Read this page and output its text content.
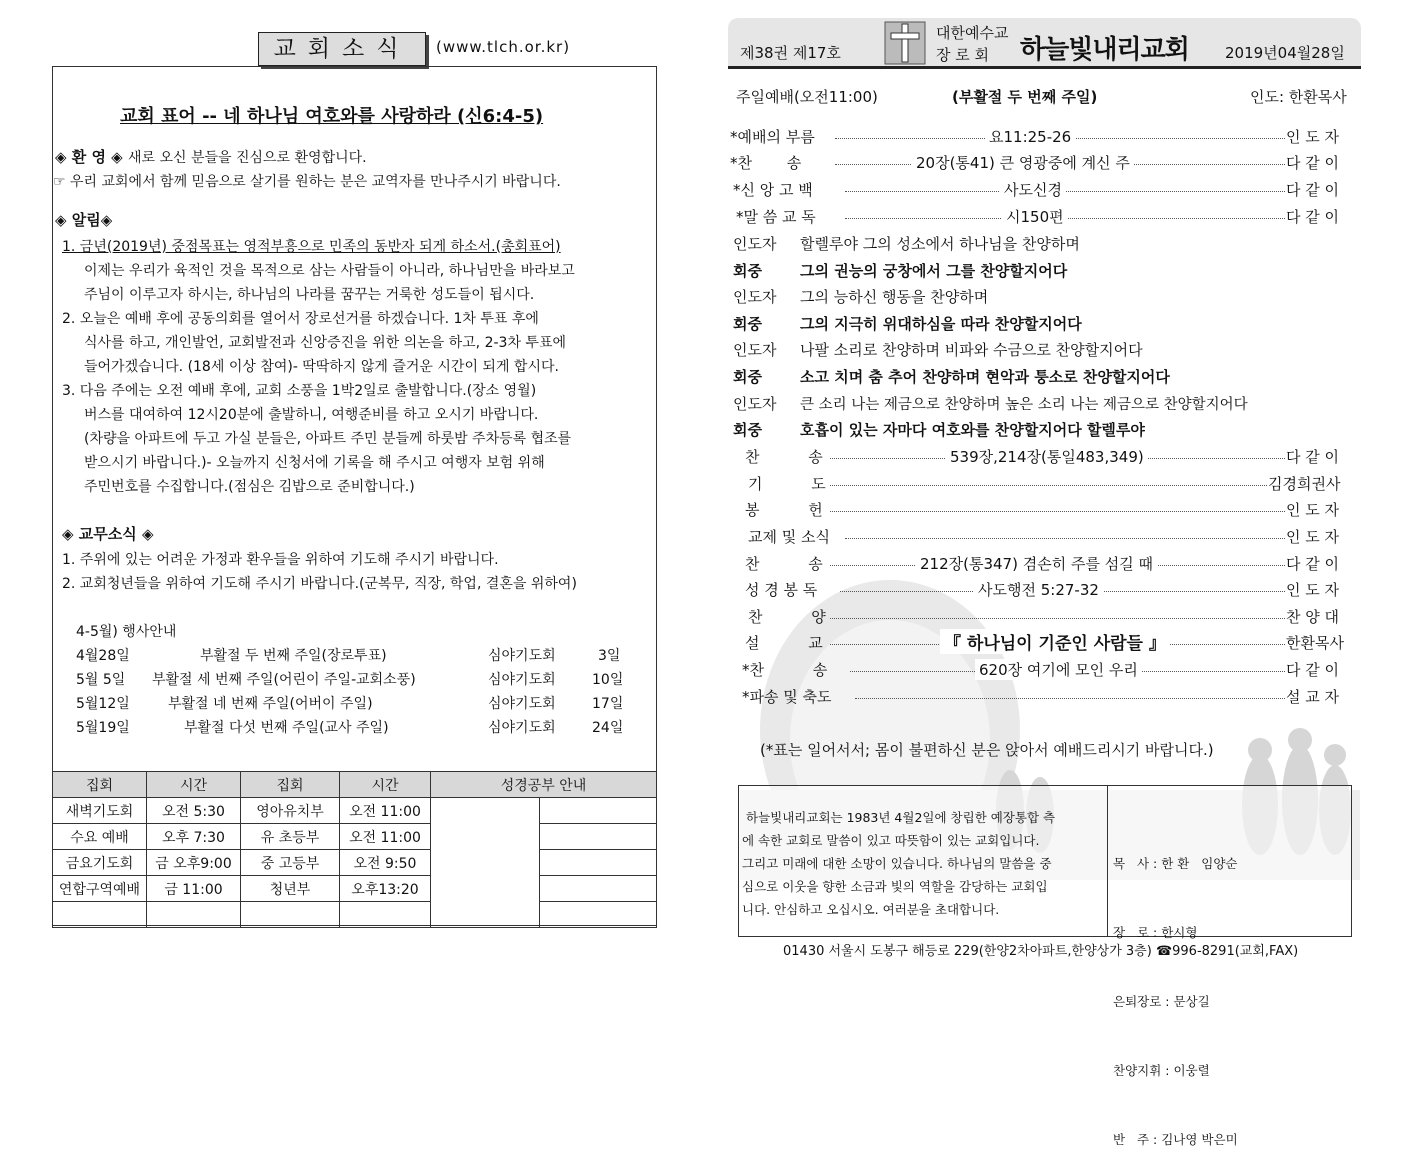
교회소식	(www.tlch.or.kr)
교회 표어 -- 네 하나님 여호와를 사랑하라 (신6:4-5)
◈ 환 영 ◈ 새로 오신 분들을 진심으로 환영합니다.
☞ 우리 교회에서 함께 믿음으로 살기를 원하는 분은 교역자를 만나주시기 바랍니다.
◈ 알림◈
1. 금년(2019년) 중점목표는 영적부흥으로 민족의 동반자 되게 하소서.(총회표어)
이제는 우리가 육적인 것을 목적으로 삼는 사람들이 아니라, 하나님만을 바라보고
주님이 이루고자 하시는, 하나님의 나라를 꿈꾸는 거룩한 성도들이 됩시다.
2. 오늘은 예배 후에 공동의회를 열어서 장로선거를 하겠습니다. 1차 투표 후에
식사를 하고, 개인발언, 교회발전과 신앙증진을 위한 의논을 하고, 2-3차 투표에
들어가겠습니다. (18세 이상 참여)- 딱딱하지 않게 즐거운 시간이 되게 합시다.
3. 다음 주에는 오전 예배 후에, 교회 소풍을 1박2일로 출발합니다.(장소 영월)
버스를 대여하여 12시20분에 출발하니, 여행준비를 하고 오시기 바랍니다.
(차량을 아파트에 두고 가실 분들은, 아파트 주민 분들께 하룻밤 주차등록 협조를
받으시기 바랍니다.)- 오늘까지 신청서에 기록을 해 주시고 여행자 보험 위해
주민번호를 수집합니다.(점심은 김밥으로 준비합니다.)
◈ 교무소식 ◈
1. 주위에 있는 어려운 가정과 환우들을 위하여 기도해 주시기 바랍니다.
2. 교회청년들을 위하여 기도해 주시기 바랍니다.(군복무, 직장, 학업, 결혼을 위하여)
4-5월) 행사안내
4월28일	부활절 두 번째 주일(장로투표)	심야기도회	3일
5월 5일 부활절 세 번째 주일(어린이 주일-교회소풍)	심야기도회	10일
5월12일	부활절 네 번째 주일(어버이 주일)	심야기도회	17일
5월19일	부활절 다섯 번째 주일(교사 주일)	심야기도회	24일
집회	시간	집회	시간	성경공부 안내	
새벽기도회	오전 5:30	영아유치부	오전 11:00		
수요 예배	오후 7:30	유 초등부	오전 11:00		
금요기도회	금 오후9:00	중 고등부	오전 9:50		
연합구역예배	금 11:00	청년부	오후13:20		

제38권 제17호
대한예수교
장 로 회 하늘빛내리교회 2019년04월28일
주일예배(오전11:00)	(부활절 두 번째 주일)	인도: 한환목사
*예배의 부름	요11:25-26	인 도 자
*찬 송	20장(통41) 큰 영광중에 계신 주	다 같 이
*신 앙 고 백	사도신경	다 같 이
*말 씀 교 독	시150편	다 같 이
인도자 할렐루야 그의 성소에서 하나님을 찬양하며
회중	그의 권능의 궁창에서 그를 찬양할지어다
인도자 그의 능하신 행동을 찬양하며
회중	그의 지극히 위대하심을 따라 찬양할지어다
인도자 나팔 소리로 찬양하며 비파와 수금으로 찬양할지어다
회중	소고 치며 춤 추어 찬양하며 현악과 퉁소로 찬양할지어다
인도자 큰 소리 나는 제금으로 찬양하며 높은 소리 나는 제금으로 찬양할지어다
회중	호흡이 있는 자마다 여호와를 찬양할지어다 할렐루야
찬 송	539장,214장(통일483,349)	다 같 이
기 도	김경희권사
봉 헌	인 도 자
교제 및 소식	인 도 자
찬 송	212장(통347) 겸손히 주를 섬길 때	다 같 이
성 경 봉 독	사도행전 5:27-32	인 도 자
찬 양	찬 양 대
설 교	『 하나님이 기준인 사람들 』	한환목사
*찬 송	620장 여기에 모인 우리	다 같 이
*파송 및 축도	설 교 자
(*표는 일어서서; 몸이 불편하신 분은 앉아서 예배드리시기 바랍니다.)
하늘빛내리교회는 1983년 4월2일에 창립한 예장통합 측
에 속한 교회로 말씀이 있고 따뜻함이 있는 교회입니다.
그리고 미래에 대한 소망이 있습니다. 하나님의 말씀을 중
심으로 이웃을 향한 소금과 빛의 역할을 감당하는 교회입
니다. 안심하고 오십시오. 여러분을 초대합니다.

목   사 : 한 환   임양순

장   로 : 한시형

은퇴장로 : 문상길

찬양지휘 : 이웅렬

반   주 : 김나영 박은미

01430 서울시 도봉구 해등로 229(한양2차아파트,한양상가 3층) ☎996-8291(교회,FAX)
